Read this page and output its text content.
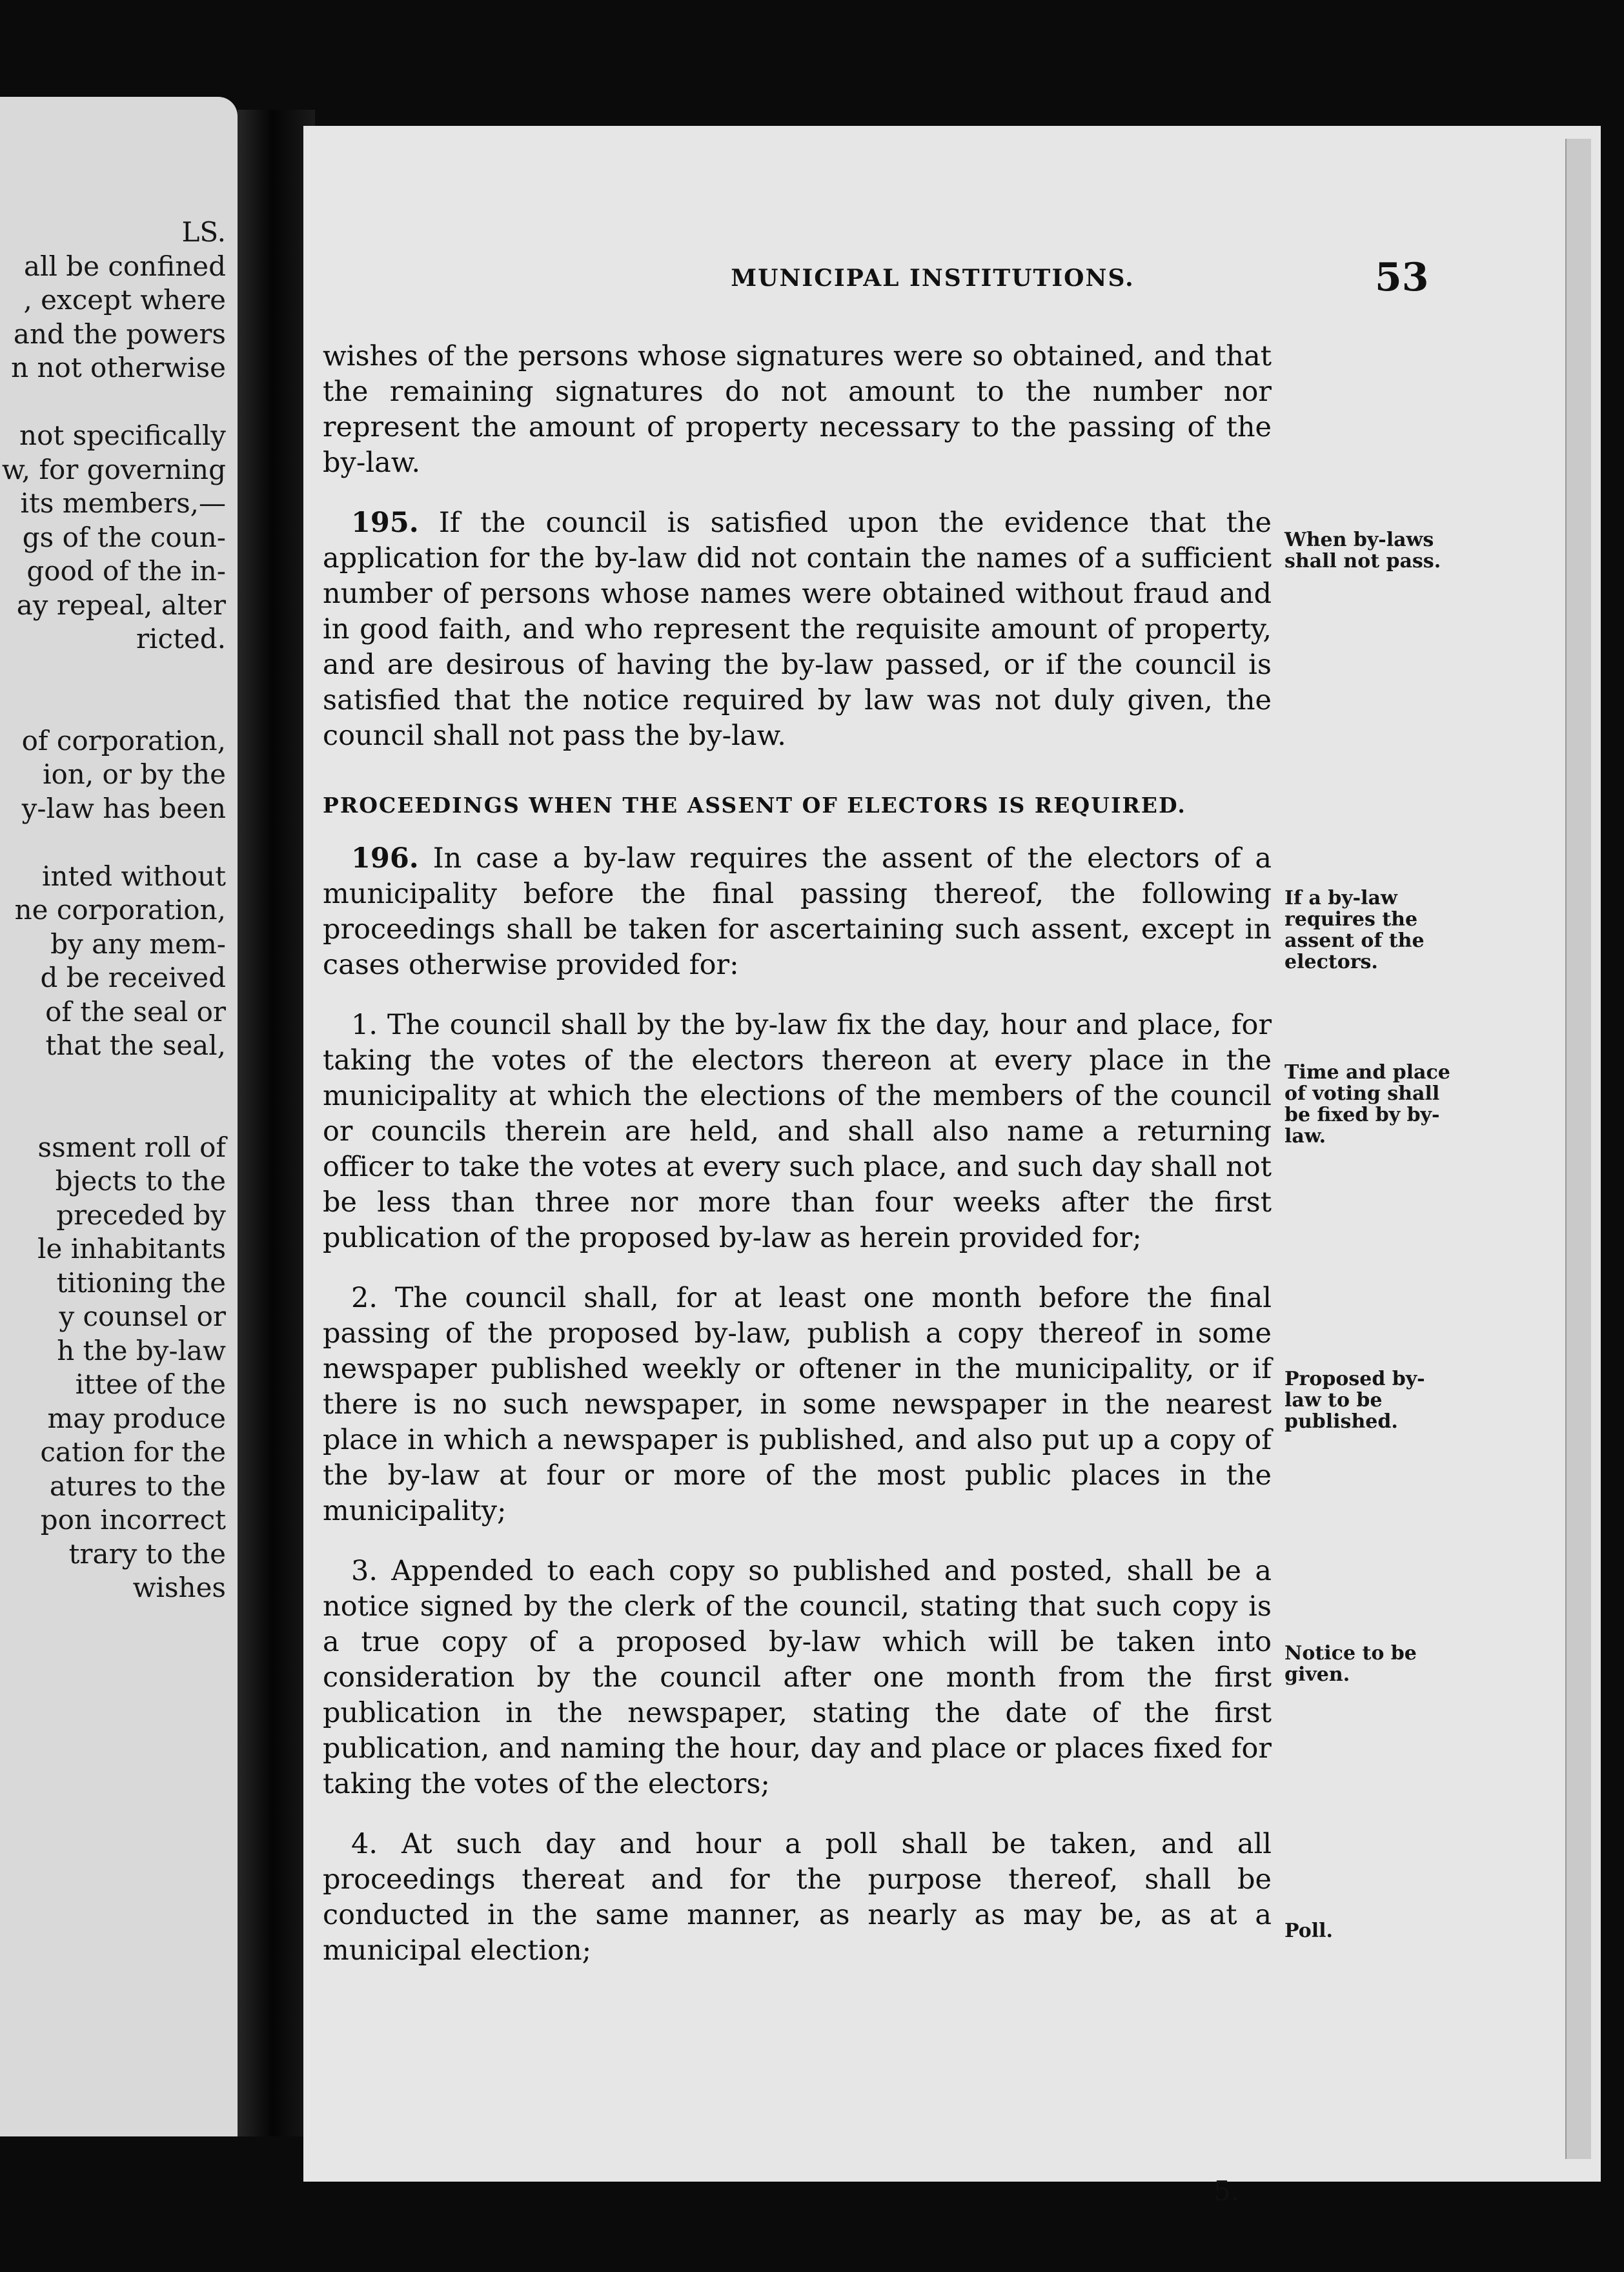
LS.
all be confined
, except where
and the powers
n not otherwise
not specifically
w, for governing
its members,—
gs of the coun-
good of the in-
ay repeal, alter
ricted.
of corporation,
ion, or by the
y-law has been
inted without
ne corporation,
by any mem-
d be received
of the seal or
that the seal,
ssment roll of
bjects to the
preceded by
le inhabitants
titioning the
y counsel or
h the by-law
ittee of the
may produce
cation for the
atures to the
pon incorrect
trary to the
wishes
MUNICIPAL INSTITUTIONS.	53

wishes of the persons whose signatures were so obtained, and that the remaining signatures do not amount to the number nor represent the amount of property necessary to the passing of the by-law.

195. If the council is satisfied upon the evidence that the application for the by-law did not contain the names of a sufficient number of persons whose names were obtained without fraud and in good faith, and who represent the requisite amount of property, and are desirous of having the by-law passed, or if the council is satisfied that the notice required by law was not duly given, the council shall not pass the by-law.

PROCEEDINGS WHEN THE ASSENT OF ELECTORS IS REQUIRED.

196. In case a by-law requires the assent of the electors of a municipality before the final passing thereof, the following proceedings shall be taken for ascertaining such assent, except in cases otherwise provided for:

1. The council shall by the by-law fix the day, hour and place, for taking the votes of the electors thereon at every place in the municipality at which the elections of the members of the council or councils therein are held, and shall also name a returning officer to take the votes at every such place, and such day shall not be less than three nor more than four weeks after the first publication of the proposed by-law as herein provided for;

2. The council shall, for at least one month before the final passing of the proposed by-law, publish a copy thereof in some newspaper published weekly or oftener in the municipality, or if there is no such newspaper, in some newspaper in the nearest place in which a newspaper is published, and also put up a copy of the by-law at four or more of the most public places in the municipality;

3. Appended to each copy so published and posted, shall be a notice signed by the clerk of the council, stating that such copy is a true copy of a proposed by-law which will be taken into consideration by the council after one month from the first publication in the newspaper, stating the date of the first publication, and naming the hour, day and place or places fixed for taking the votes of the electors;

4. At such day and hour a poll shall be taken, and all proceedings thereat and for the purpose thereof, shall be conducted in the same manner, as nearly as may be, as at a municipal election;

When by-laws shall not pass.
If a by-law requires the assent of the electors.
Time and place of voting shall be fixed by by-law.
Proposed by-law to be published.
Notice to be given.
Poll.
5.
